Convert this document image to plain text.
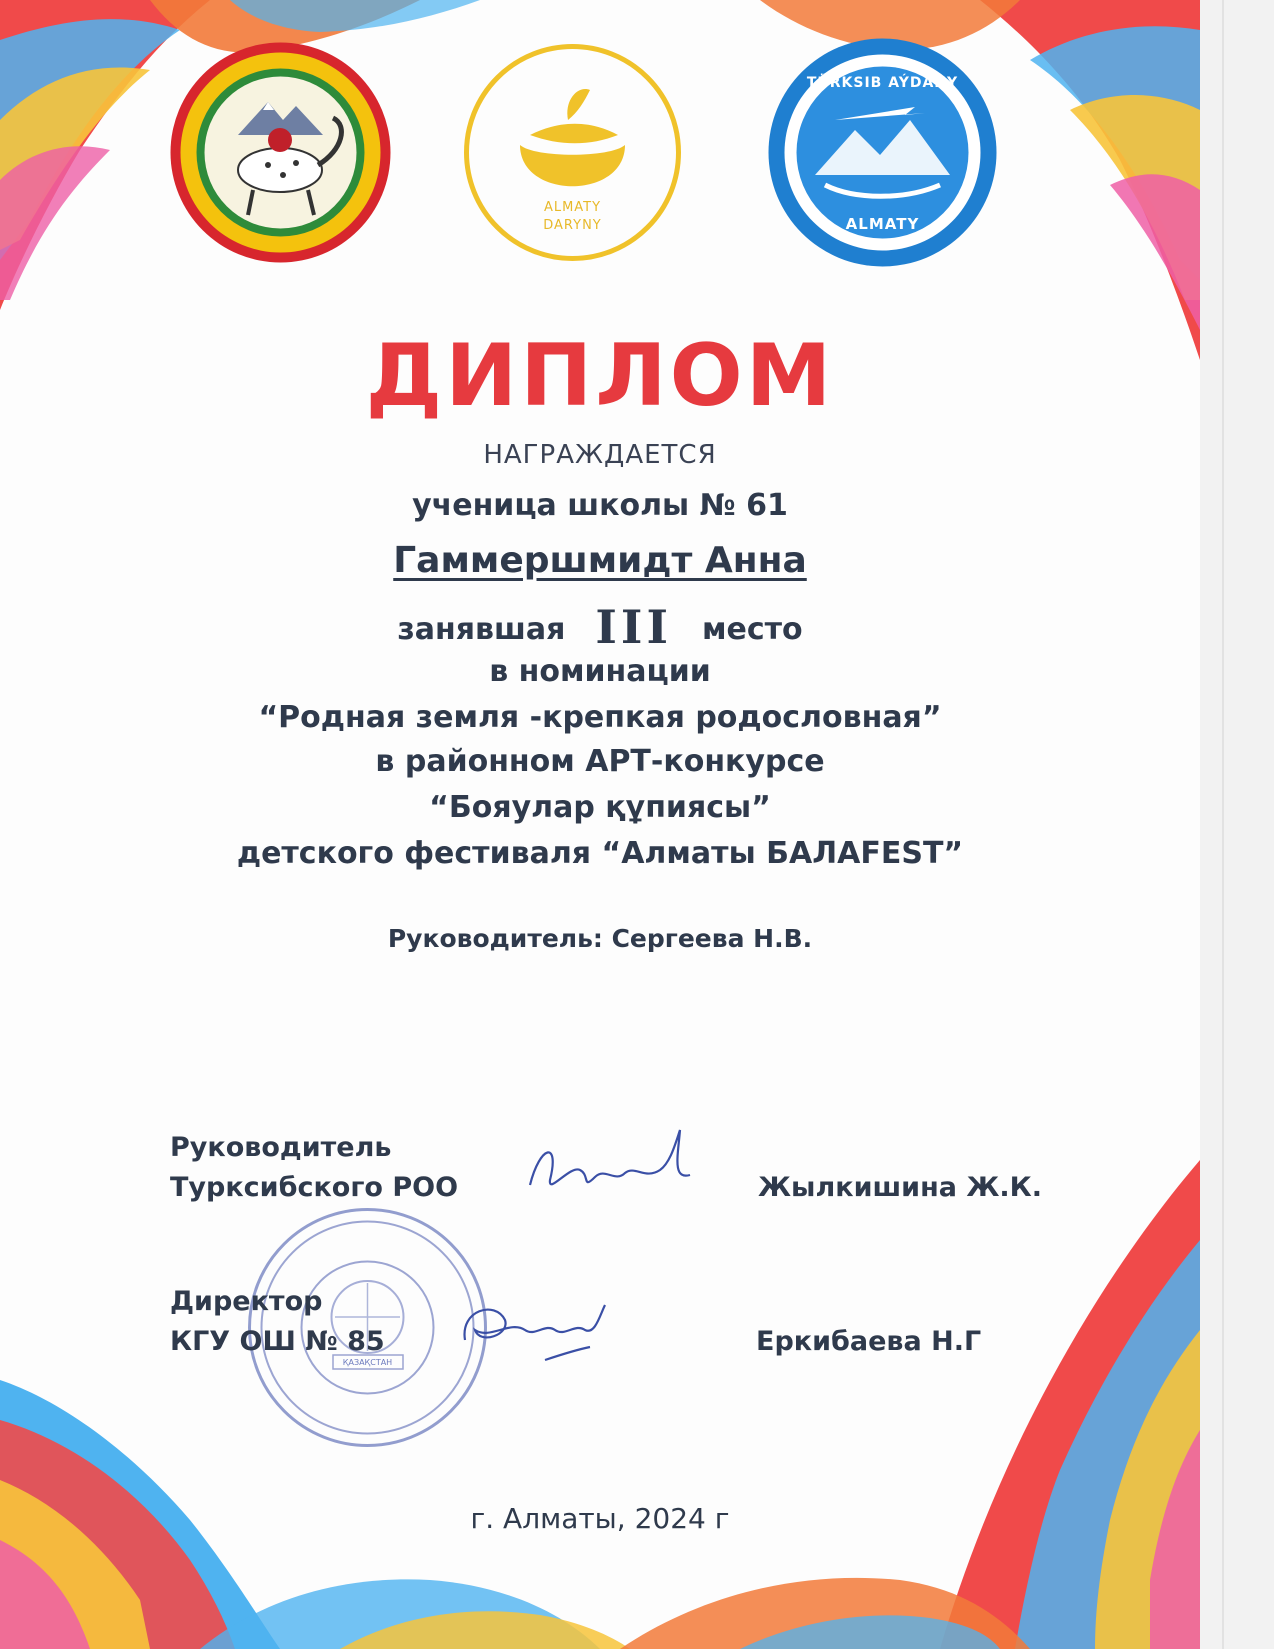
ALMATY
DARYNY
TÜRKSIB AÝDANY
ALMATY
ДИПЛОМ
НАГРАЖДАЕТСЯ
ученица школы № 61
Гаммершмидт Анна
занявшая III место
в номинации
“Родная земля -крепкая родословная”
в районном АРТ-конкурсе
“Бояулар құпиясы”
детского фестиваля “Алматы БАЛАFEST”
Руководитель: Сергеева Н.В.
ҚАЗАҚСТАН
Руководитель
Турксибского РОО	Жылкишина Ж.К.
Директор
КГУ ОШ № 85	Еркибаева Н.Г
г. Алматы, 2024 г
